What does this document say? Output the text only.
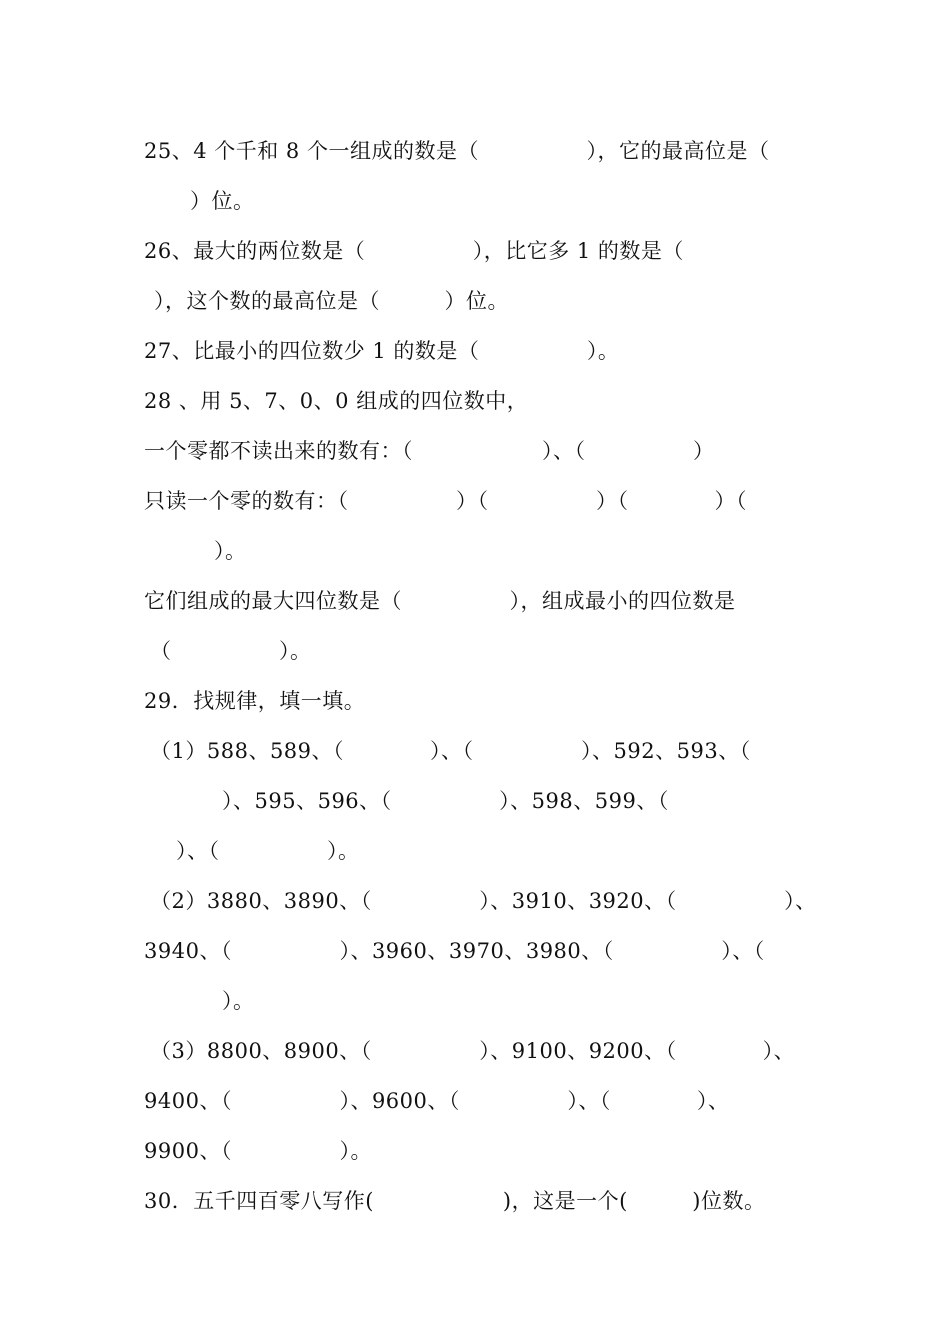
25、4 个千和 8 个一组成的数是（　　　　　），它的最高位是（
）位。
26、最大的两位数是（　　　　　），比它多 1 的数是（
），这个数的最高位是（　　　）位。
27、比最小的四位数少 1 的数是（　　　　　）。
28 、用 5、7、0、0 组成的四位数中，
一个零都不读出来的数有：（　　　　　　）、（　　　　　）
只读一个零的数有：（　　　　　）（　　　　　）（　　　　）（
）。
它们组成的最大四位数是（　　　　　），组成最小的四位数是
（　　　　　）。
29．找规律，填一填。
（1）588、589、（　　　　）、（　　　　　）、592、593、（
）、595、596、（　　　　　）、598、599、（
）、（　　　　　）。
（2）3880、3890、（　　　　　）、3910、3920、（　　　　　）、
3940、（　　　　　）、3960、3970、3980、（　　　　　）、（
）。
（3）8800、8900、（　　　　　）、9100、9200、（　　　　）、
9400、（　　　　　）、9600、（　　　　　）、（　　　　）、
9900、（　　　　　）。
30．五千四百零八写作(　　　　　　)，这是一个(　　　)位数。
